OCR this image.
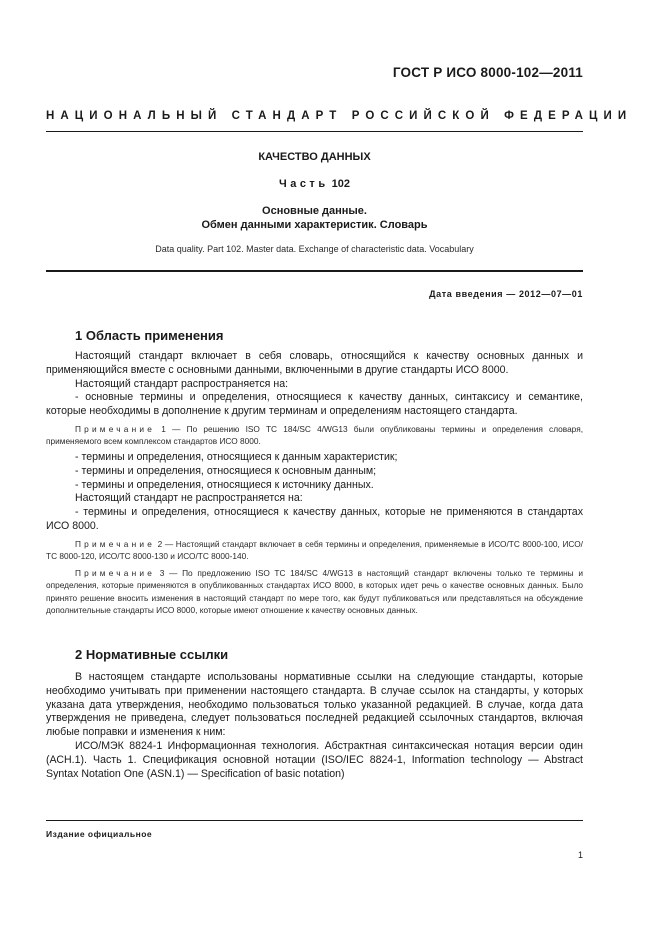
ГОСТ Р ИСО 8000-102—2011
НАЦИОНАЛЬНЫЙ СТАНДАРТ РОССИЙСКОЙ ФЕДЕРАЦИИ
КАЧЕСТВО ДАННЫХ
Часть 102
Основные данные.
Обмен данными характеристик. Словарь
Data quality. Part 102. Master data. Exchange of characteristic data. Vocabulary
Дата введения — 2012—07—01
1 Область применения

Настоящий стандарт включает в себя словарь, относящийся к качеству основных данных и применяющийся вместе с основными данными, включенными в другие стандарты ИСО 8000.

Настоящий стандарт распространяется на:

- основные термины и определения, относящиеся к качеству данных, синтаксису и семантике, которые необходимы в дополнение к другим терминам и определениям настоящего стандарта.

Примечание 1 — По решению ISO TC 184/SC 4/WG13 были опубликованы термины и определения словаря, применяемого всем комплексом стандартов ИСО 8000.

- термины и определения, относящиеся к данным характеристик;

- термины и определения, относящиеся к основным данным;

- термины и определения, относящиеся к источнику данных.

Настоящий стандарт не распространяется на:

- термины и определения, относящиеся к качеству данных, которые не применяются в стандартах ИСО 8000.

Примечание 2 — Настоящий стандарт включает в себя термины и определения, применяемые в ИСО/ТС 8000-100, ИСО/ТС 8000-120, ИСО/ТС 8000-130 и ИСО/ТС 8000-140.

Примечание 3 — По предложению ISO TC 184/SC 4/WG13 в настоящий стандарт включены только те термины и определения, которые применяются в опубликованных стандартах ИСО 8000, в которых идет речь о качестве основных данных. Было принято решение вносить изменения в настоящий стандарт по мере того, как будут публиковаться или представляться на обсуждение дополнительные стандарты ИСО 8000, которые имеют отношение к качеству основных данных.

2 Нормативные ссылки

В настоящем стандарте использованы нормативные ссылки на следующие стандарты, которые необходимо учитывать при применении настоящего стандарта. В случае ссылок на стандарты, у которых указана дата утверждения, необходимо пользоваться только указанной редакцией. В случае, когда дата утверждения не приведена, следует пользоваться последней редакцией ссылочных стандартов, включая любые поправки и изменения к ним:

ИСО/МЭК 8824-1 Информационная технология. Абстрактная синтаксическая нотация версии один (АСН.1). Часть 1. Спецификация основной нотации (ISO/IEC 8824-1, Information technology — Abstract Syntax Notation One (ASN.1) — Specification of basic notation)

Издание официальное
1
